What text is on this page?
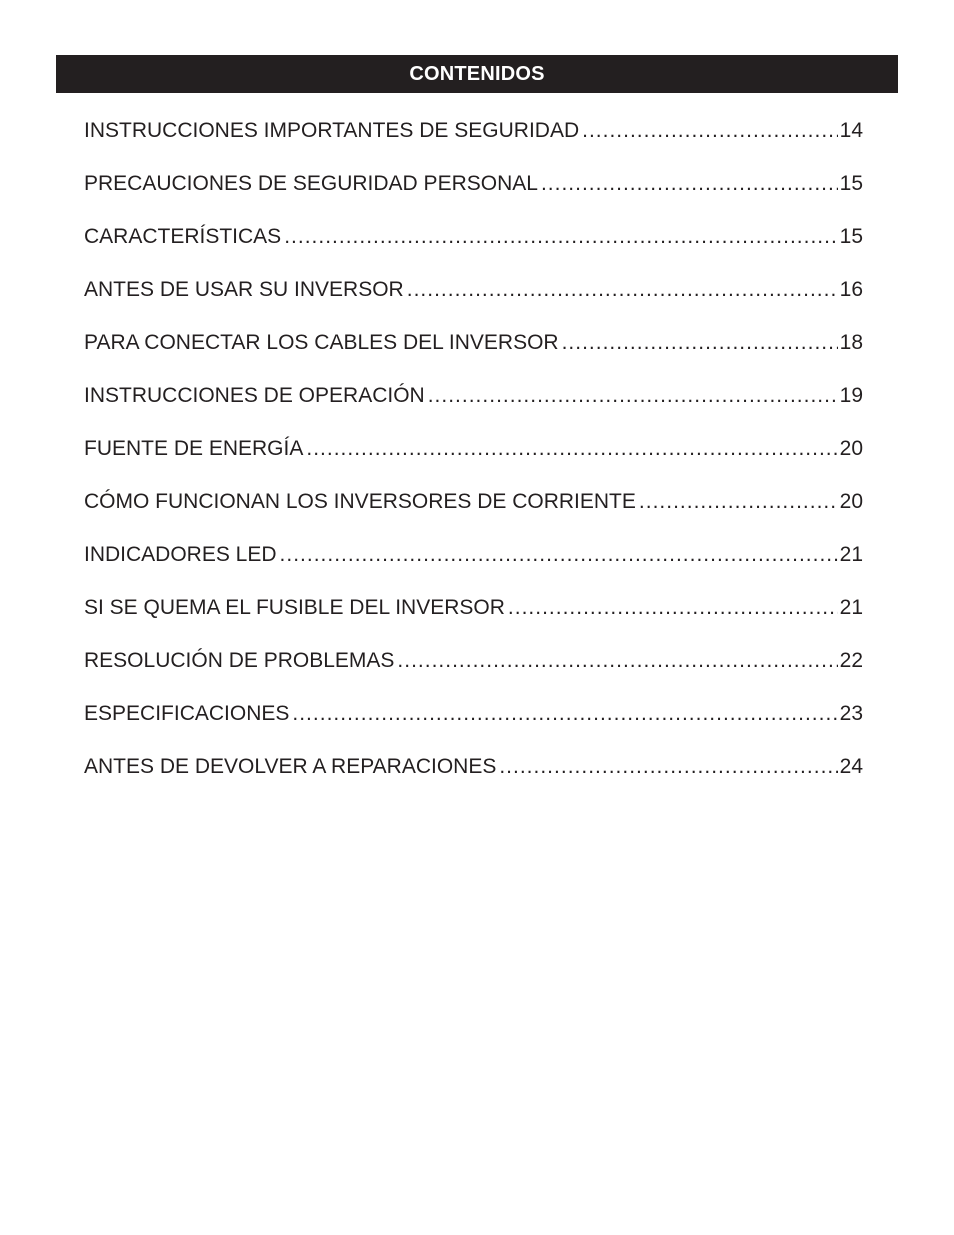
CONTENIDOS
INSTRUCCIONES IMPORTANTES DE SEGURIDAD .....	14
PRECAUCIONES DE SEGURIDAD PERSONAL .....	15
CARACTERÍSTICAS .....	15
ANTES DE USAR SU INVERSOR .....	16
PARA CONECTAR LOS CABLES DEL INVERSOR .....	18
INSTRUCCIONES DE OPERACIÓN .....	19
FUENTE DE ENERGÍA .....	20
CÓMO FUNCIONAN LOS INVERSORES DE CORRIENTE .....	20
INDICADORES LED .....	21
SI SE QUEMA EL FUSIBLE DEL INVERSOR .....	21
RESOLUCIÓN DE PROBLEMAS .....	22
ESPECIFICACIONES .....	23
ANTES DE DEVOLVER A REPARACIONES .....	24
